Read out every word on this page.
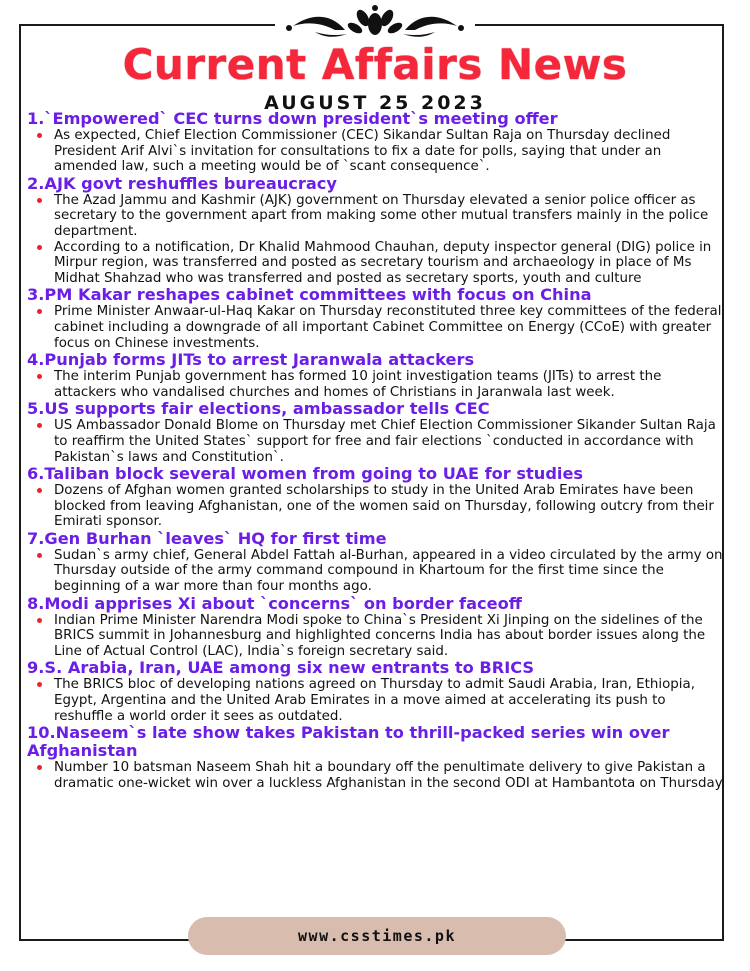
Current Affairs News
AUGUST 25 2023
1.`Empowered` CEC turns down president`s meeting offer
As expected, Chief Election Commissioner (CEC) Sikandar Sultan Raja on Thursday declined President Arif Alvi`s invitation for consultations to fix a date for polls, saying that under an amended law, such a meeting would be of `scant consequence`.
2.AJK govt reshuffles bureaucracy
The Azad Jammu and Kashmir (AJK) government on Thursday elevated a senior police officer as secretary to the government apart from making some other mutual transfers mainly in the police department.
According to a notification, Dr Khalid Mahmood Chauhan, deputy inspector general (DIG) police in Mirpur region, was transferred and posted as secretary tourism and archaeology in place of Ms Midhat Shahzad who was transferred and posted as secretary sports, youth and culture
3.PM Kakar reshapes cabinet committees with focus on China
Prime Minister Anwaar-ul-Haq Kakar on Thursday reconstituted three key committees of the federal cabinet including a downgrade of all important Cabinet Committee on Energy (CCoE) with greater focus on Chinese investments.
4.Punjab forms JITs to arrest Jaranwala attackers
The interim Punjab government has formed 10 joint investigation teams (JITs) to arrest the attackers who vandalised churches and homes of Christians in Jaranwala last week.
5.US supports fair elections, ambassador tells CEC
US Ambassador Donald Blome on Thursday met Chief Election Commissioner Sikander Sultan Raja to reaffirm the United States` support for free and fair elections `conducted in accordance with Pakistan`s laws and Constitution`.
6.Taliban block several women from going to UAE for studies
Dozens of Afghan women granted scholarships to study in the United Arab Emirates have been blocked from leaving Afghanistan, one of the women said on Thursday, following outcry from their Emirati sponsor.
7.Gen Burhan `leaves` HQ for first time
Sudan`s army chief, General Abdel Fattah al-Burhan, appeared in a video circulated by the army on Thursday outside of the army command compound in Khartoum for the first time since the beginning of a war more than four months ago.
8.Modi apprises Xi about `concerns` on border faceoff
Indian Prime Minister Narendra Modi spoke to China`s President Xi Jinping on the sidelines of the BRICS summit in Johannesburg and highlighted concerns India has about border issues along the Line of Actual Control (LAC), India`s foreign secretary said.
9.S. Arabia, Iran, UAE among six new entrants to BRICS
The BRICS bloc of developing nations agreed on Thursday to admit Saudi Arabia, Iran, Ethiopia, Egypt, Argentina and the United Arab Emirates in a move aimed at accelerating its push to reshuffle a world order it sees as outdated.
10.Naseem`s late show takes Pakistan to thrill-packed series win over Afghanistan
Number 10 batsman Naseem Shah hit a boundary off the penultimate delivery to give Pakistan a dramatic one-wicket win over a luckless Afghanistan in the second ODI at Hambantota on Thursday.
www.csstimes.pk
